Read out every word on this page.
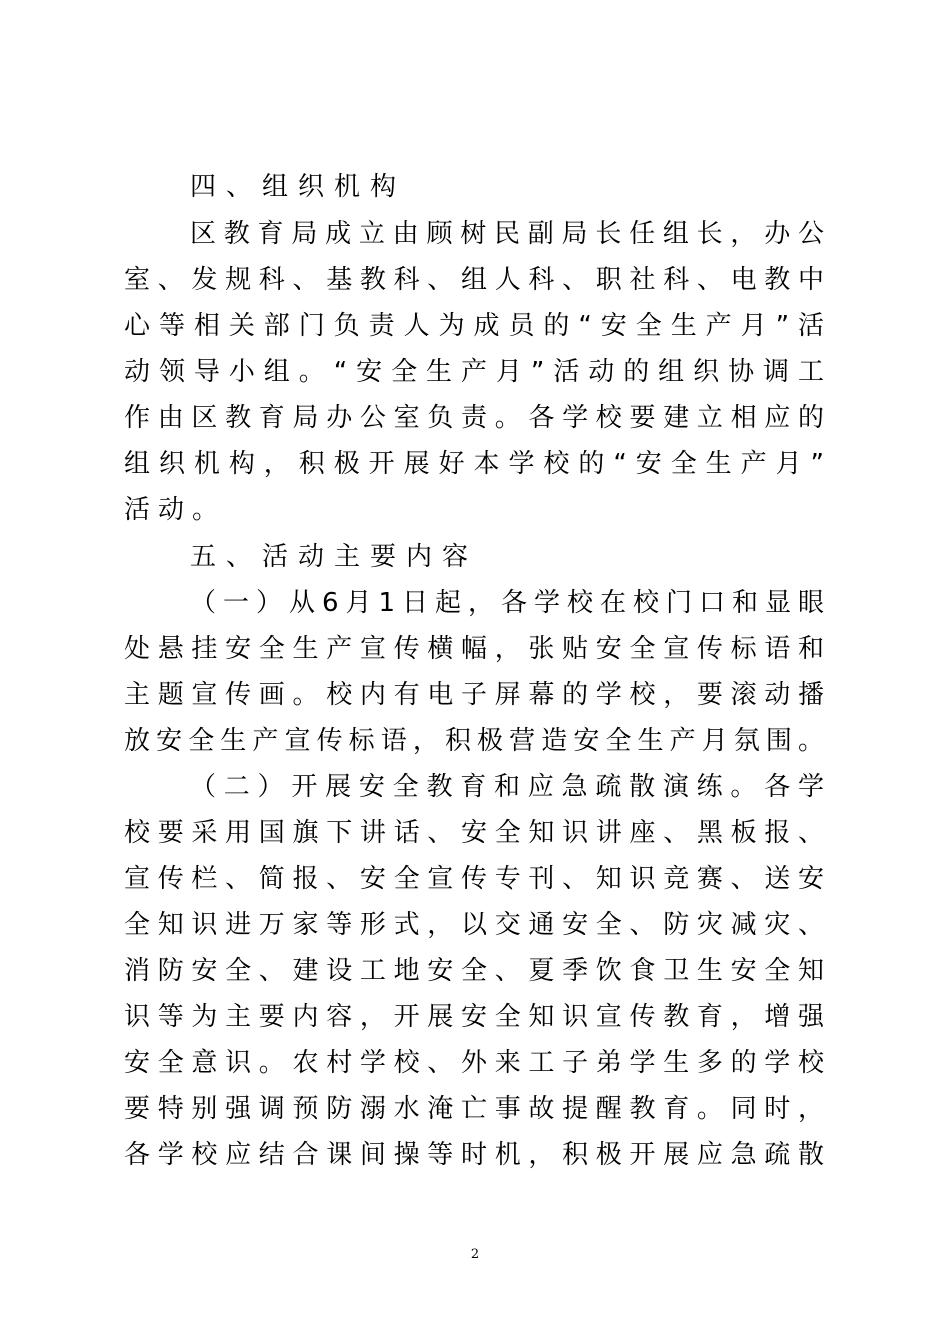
四、组织机构
区教育局成立由顾树民副局长任组长，办公
室、发规科、基教科、组人科、职社科、电教中
心等相关部门负责人为成员的“安全生产月”活
动领导小组。“安全生产月”活动的组织协调工
作由区教育局办公室负责。各学校要建立相应的
组织机构，积极开展好本学校的“安全生产月”
活动。
五、活动主要内容
（一）从6月1日起，各学校在校门口和显眼
处悬挂安全生产宣传横幅，张贴安全宣传标语和
主题宣传画。校内有电子屏幕的学校，要滚动播
放安全生产宣传标语，积极营造安全生产月氛围。
（二）开展安全教育和应急疏散演练。各学
校要采用国旗下讲话、安全知识讲座、黑板报、
宣传栏、简报、安全宣传专刊、知识竞赛、送安
全知识进万家等形式，以交通安全、防灾减灾、
消防安全、建设工地安全、夏季饮食卫生安全知
识等为主要内容，开展安全知识宣传教育，增强
安全意识。农村学校、外来工子弟学生多的学校
要特别强调预防溺水淹亡事故提醒教育。同时，
各学校应结合课间操等时机，积极开展应急疏散
2
